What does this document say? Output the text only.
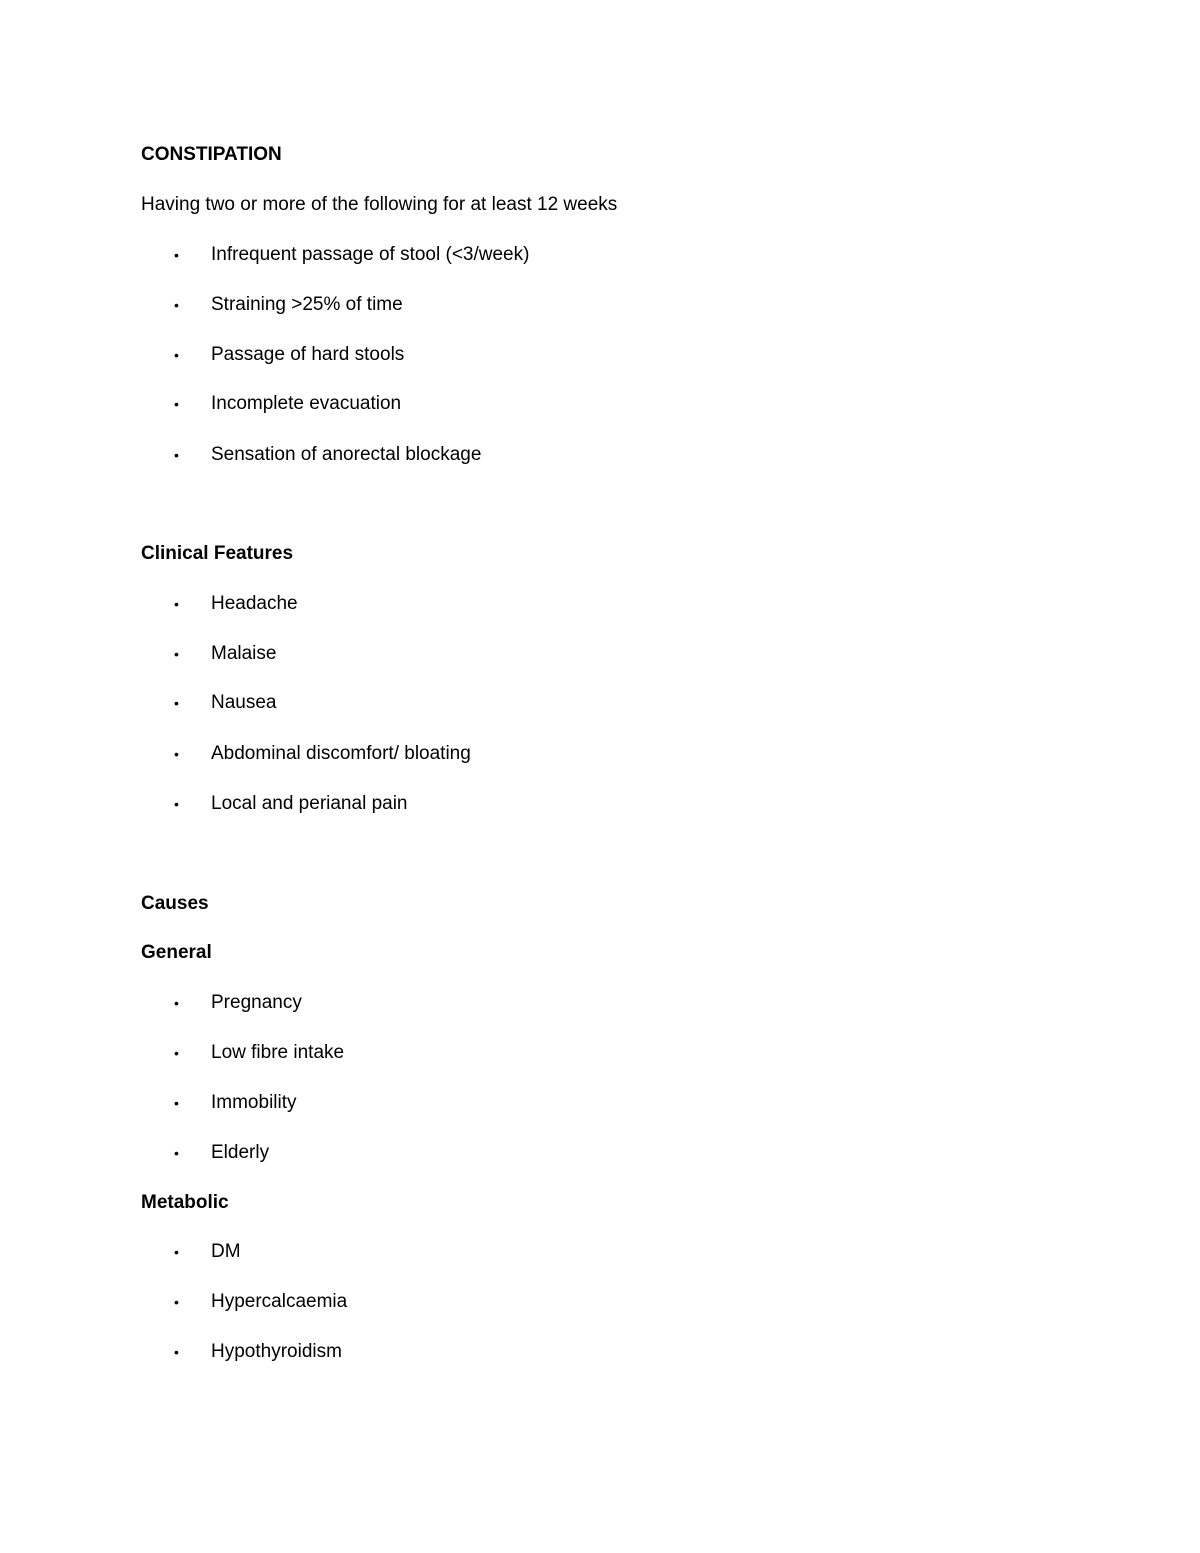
CONSTIPATION
Having two or more of the following for at least 12 weeks
• Infrequent passage of stool (<3/week)
• Straining >25% of time
• Passage of hard stools
• Incomplete evacuation
• Sensation of anorectal blockage
Clinical Features
• Headache
• Malaise
• Nausea
• Abdominal discomfort/ bloating
• Local and perianal pain
Causes
General
• Pregnancy
• Low fibre intake
• Immobility
• Elderly
Metabolic
• DM
• Hypercalcaemia
• Hypothyroidism
